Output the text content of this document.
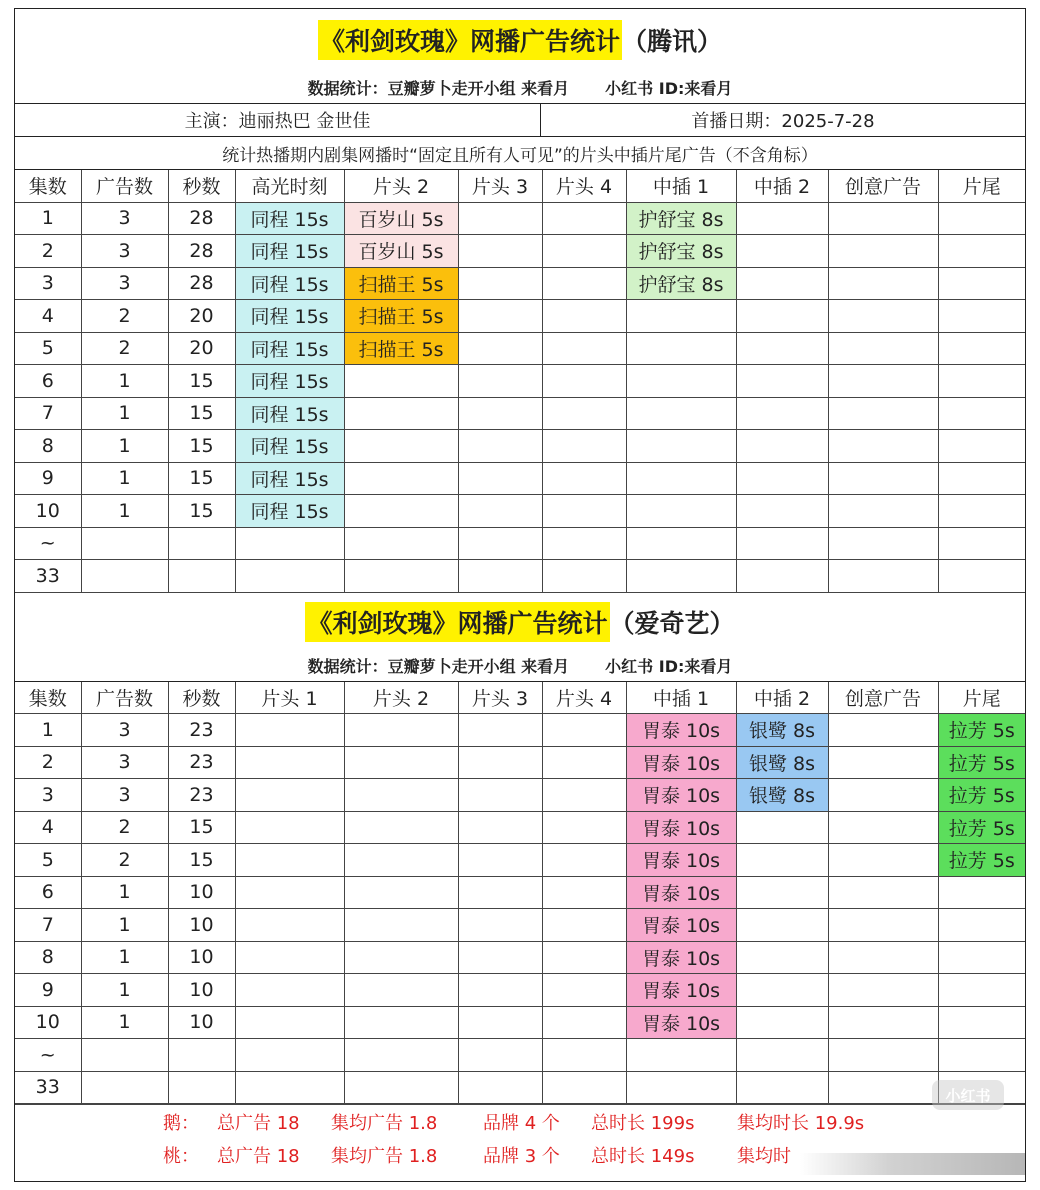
《利剑玫瑰》网播广告统计 （腾讯）
数据统计：豆瓣萝卜走开小组 来看月 小红书 ID:来看月
主演：迪丽热巴 金世佳	首播日期：2025-7-28
统计热播期内剧集网播时“固定且所有人可见”的片头中插片尾广告（不含角标）
集数	广告数	秒数	高光时刻	片头 2	片头 3	片头 4	中插 1	中插 2	创意广告	片尾
1	3	28	同程 15s	百岁山 5s			护舒宝 8s			
2	3	28	同程 15s	百岁山 5s			护舒宝 8s			
3	3	28	同程 15s	扫描王 5s			护舒宝 8s			
4	2	20	同程 15s	扫描王 5s						
5	2	20	同程 15s	扫描王 5s						
6	1	15	同程 15s							
7	1	15	同程 15s							
8	1	15	同程 15s							
9	1	15	同程 15s							
10	1	15	同程 15s							
~										
33										
《利剑玫瑰》网播广告统计 （爱奇艺）
数据统计：豆瓣萝卜走开小组 来看月 小红书 ID:来看月
集数	广告数	秒数	片头 1	片头 2	片头 3	片头 4	中插 1	中插 2	创意广告	片尾
1	3	23					胃泰 10s	银鹭 8s		拉芳 5s
2	3	23					胃泰 10s	银鹭 8s		拉芳 5s
3	3	23					胃泰 10s	银鹭 8s		拉芳 5s
4	2	15					胃泰 10s			拉芳 5s
5	2	15					胃泰 10s			拉芳 5s
6	1	10					胃泰 10s			
7	1	10					胃泰 10s			
8	1	10					胃泰 10s			
9	1	10					胃泰 10s			
10	1	10					胃泰 10s			
~										
33										
鹅： 总广告 18 集均广告 1.8	品牌 4 个 总时长 199s 集均时长 19.9s
桃： 总广告 18 集均广告 1.8	品牌 3 个 总时长 149s 集均时
小红书
